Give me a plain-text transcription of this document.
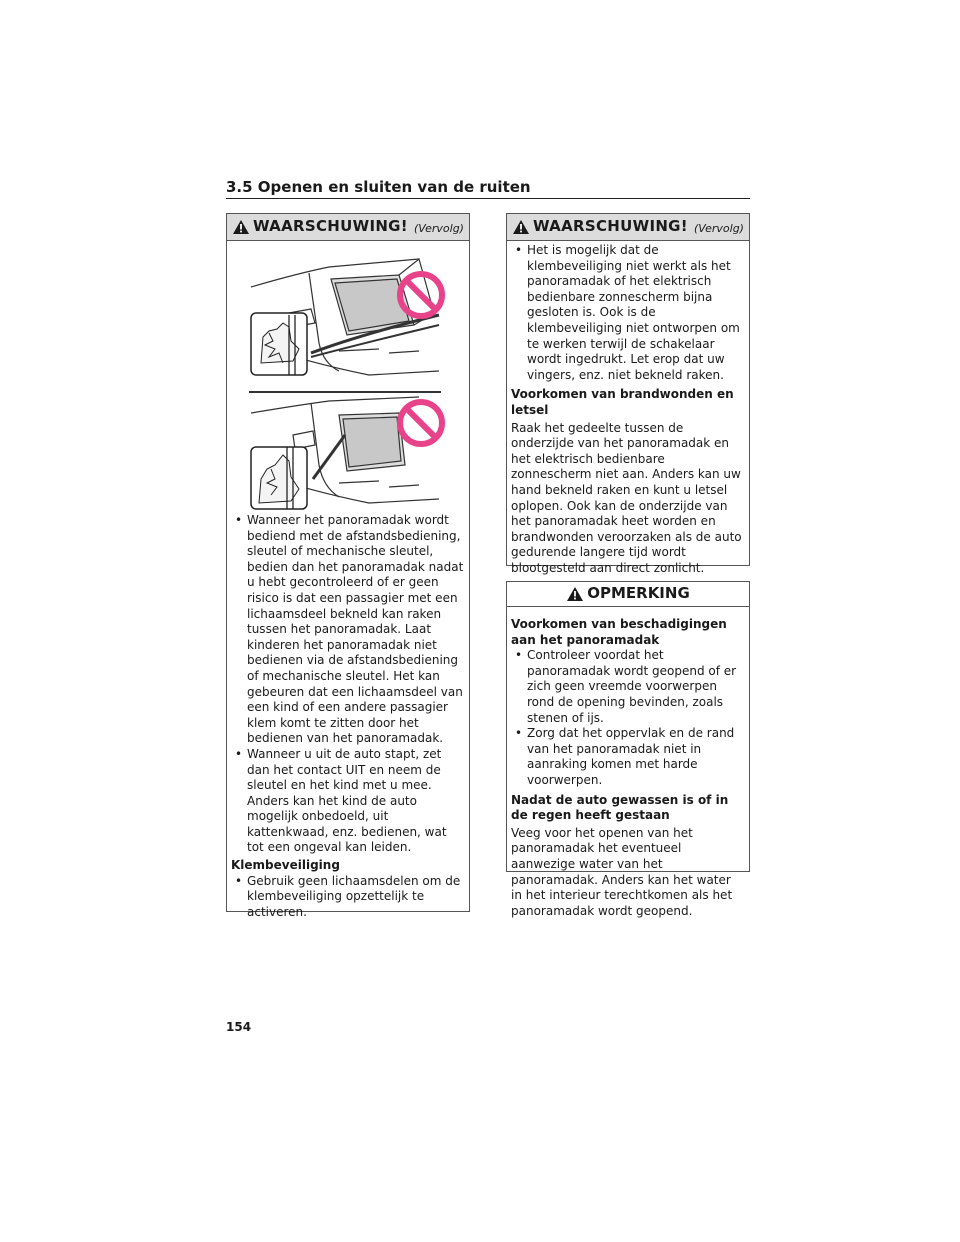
3.5 Openen en sluiten van de ruiten
WAARSCHUWING! (Vervolg)
• Wanneer het panoramadak wordt bediend met de afstandsbediening, sleutel of mechanische sleutel, bedien dan het panoramadak nadat u hebt gecontroleerd of er geen risico is dat een passagier met een lichaamsdeel bekneld kan raken tussen het panoramadak. Laat kinderen het panoramadak niet bedienen via de afstandsbediening of mechanische sleutel. Het kan gebeuren dat een lichaamsdeel van een kind of een andere passagier klem komt te zitten door het bedienen van het panoramadak.
• Wanneer u uit de auto stapt, zet dan het contact UIT en neem de sleutel en het kind met u mee. Anders kan het kind de auto mogelijk onbedoeld, uit kattenkwaad, enz. bedienen, wat tot een ongeval kan leiden.

Klembeveiliging

• Gebruik geen lichaamsdelen om de klembeveiliging opzettelijk te activeren.
WAARSCHUWING! (Vervolg)
• Het is mogelijk dat de klembeveiliging niet werkt als het panoramadak of het elektrisch bedienbare zonnescherm bijna gesloten is. Ook is de klembeveiliging niet ontworpen om te werken terwijl de schakelaar wordt ingedrukt. Let erop dat uw vingers, enz. niet bekneld raken.

Voorkomen van brandwonden en letsel

Raak het gedeelte tussen de onderzijde van het panoramadak en het elektrisch bedienbare zonnescherm niet aan. Anders kan uw hand bekneld raken en kunt u letsel oplopen. Ook kan de onderzijde van het panoramadak heet worden en brandwonden veroorzaken als de auto gedurende langere tijd wordt blootgesteld aan direct zonlicht.

OPMERKING

Voorkomen van beschadigingen aan het panoramadak

• Controleer voordat het panoramadak wordt geopend of er zich geen vreemde voorwerpen rond de opening bevinden, zoals stenen of ijs.
• Zorg dat het oppervlak en de rand van het panoramadak niet in aanraking komen met harde voorwerpen.

Nadat de auto gewassen is of in de regen heeft gestaan

Veeg voor het openen van het panoramadak het eventueel aanwezige water van het panoramadak. Anders kan het water in het interieur terechtkomen als het panoramadak wordt geopend.

154
